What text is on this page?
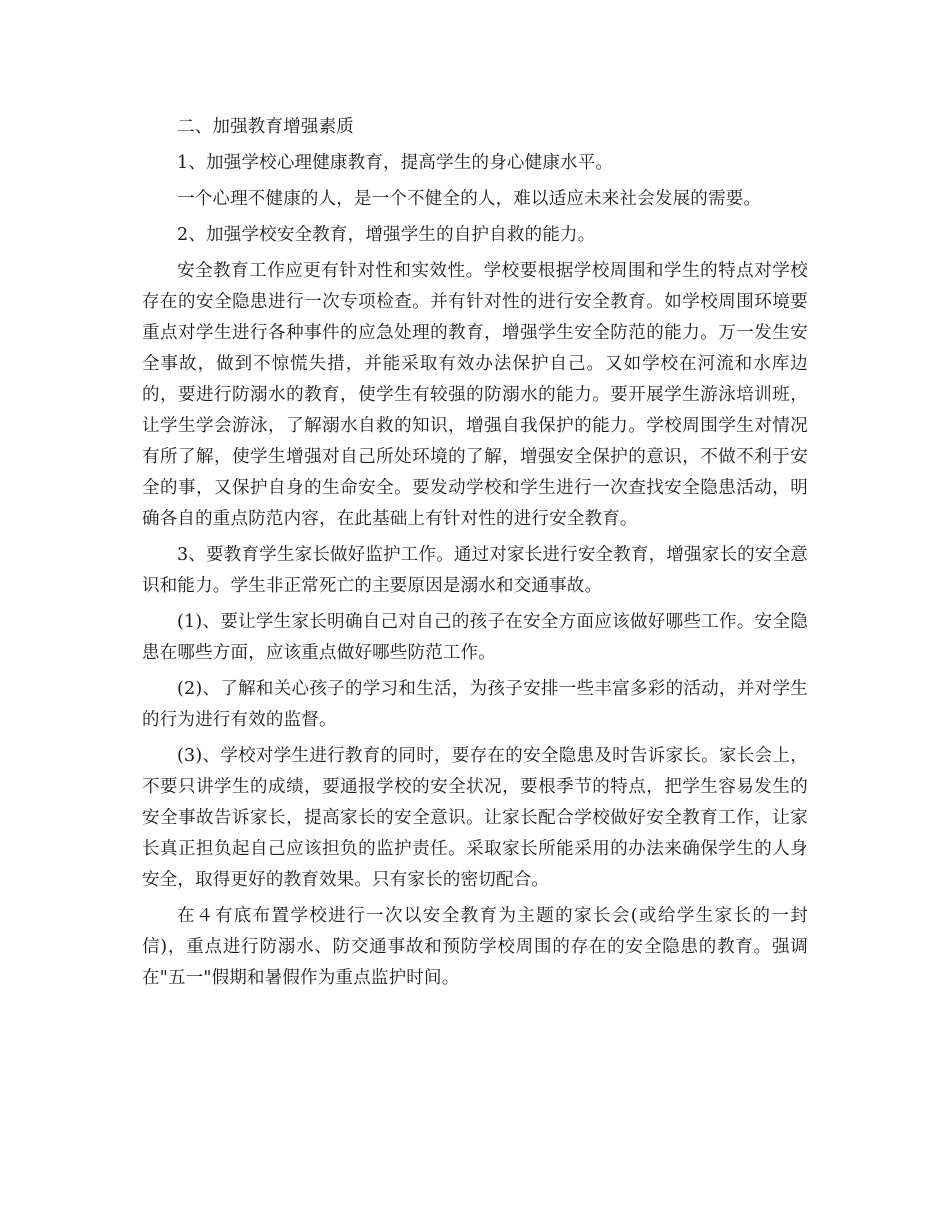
二、加强教育增强素质

1、加强学校心理健康教育，提高学生的身心健康水平。

一个心理不健康的人，是一个不健全的人，难以适应未来社会发展的需要。

2、加强学校安全教育，增强学生的自护自救的能力。

安全教育工作应更有针对性和实效性。学校要根据学校周围和学生的特点对学校存在的安全隐患进行一次专项检查。并有针对性的进行安全教育。如学校周围环境要重点对学生进行各种事件的应急处理的教育，增强学生安全防范的能力。万一发生安全事故，做到不惊慌失措，并能采取有效办法保护自己。又如学校在河流和水库边的，要进行防溺水的教育，使学生有较强的防溺水的能力。要开展学生游泳培训班，让学生学会游泳，了解溺水自救的知识，增强自我保护的能力。学校周围学生对情况有所了解，使学生增强对自己所处环境的了解，增强安全保护的意识，不做不利于安全的事，又保护自身的生命安全。要发动学校和学生进行一次查找安全隐患活动，明确各自的重点防范内容，在此基础上有针对性的进行安全教育。

3、要教育学生家长做好监护工作。通过对家长进行安全教育，增强家长的安全意识和能力。学生非正常死亡的主要原因是溺水和交通事故。

(1)、要让学生家长明确自己对自己的孩子在安全方面应该做好哪些工作。安全隐患在哪些方面，应该重点做好哪些防范工作。

(2)、了解和关心孩子的学习和生活，为孩子安排一些丰富多彩的活动，并对学生的行为进行有效的监督。

(3)、学校对学生进行教育的同时，要存在的安全隐患及时告诉家长。家长会上，不要只讲学生的成绩，要通报学校的安全状况，要根季节的特点，把学生容易发生的安全事故告诉家长，提高家长的安全意识。让家长配合学校做好安全教育工作，让家长真正担负起自己应该担负的监护责任。采取家长所能采用的办法来确保学生的人身安全，取得更好的教育效果。只有家长的密切配合。

在４有底布置学校进行一次以安全教育为主题的家长会(或给学生家长的一封信)，重点进行防溺水、防交通事故和预防学校周围的存在的安全隐患的教育。强调在"五一"假期和暑假作为重点监护时间。
